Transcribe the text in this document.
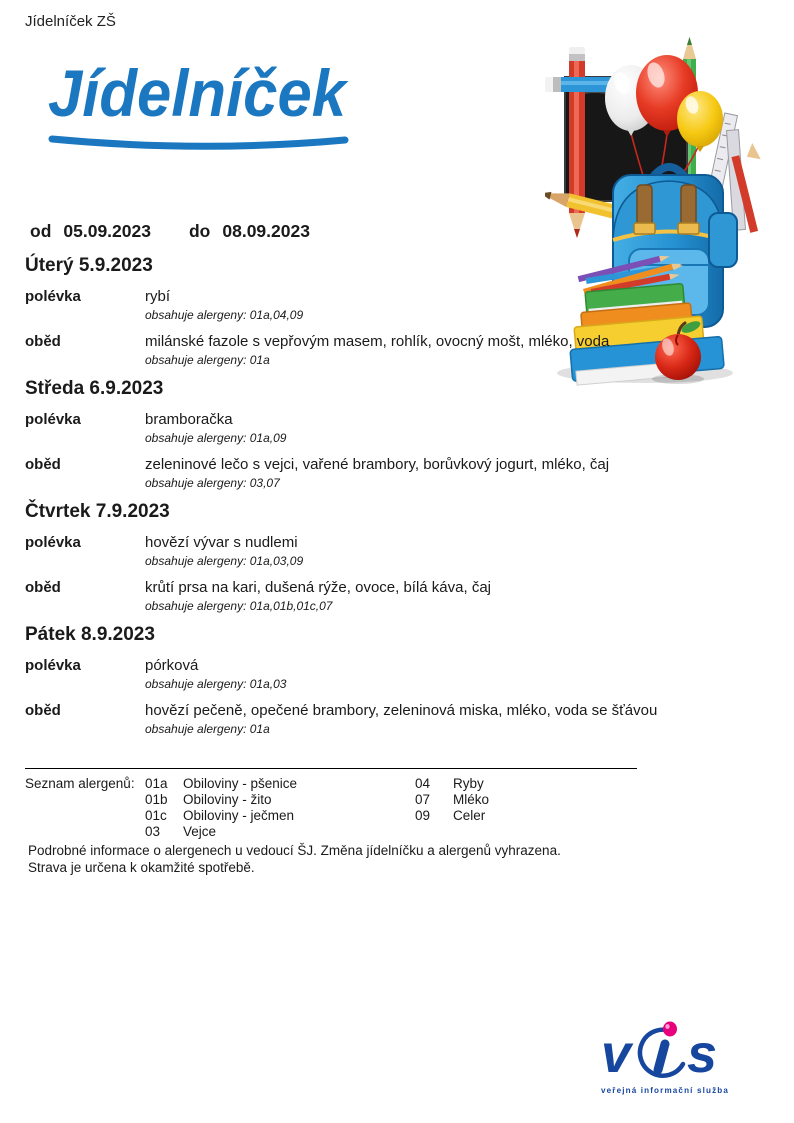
Jídelníček ZŠ
Jídelníček
od 05.09.2023 do 08.09.2023
Úterý 5.9.2023
polévka	rybí
obsahuje alergeny: 01a,04,09
oběd	milánské fazole s vepřovým masem, rohlík, ovocný mošt, mléko, voda
obsahuje alergeny: 01a
Středa 6.9.2023
polévka	bramboračka
obsahuje alergeny: 01a,09
oběd	zeleninové lečo s vejci, vařené brambory, borůvkový jogurt, mléko, čaj
obsahuje alergeny: 03,07
Čtvrtek 7.9.2023
polévka	hovězí vývar s nudlemi
obsahuje alergeny: 01a,03,09
oběd	krůtí prsa na kari, dušená rýže, ovoce, bílá káva, čaj
obsahuje alergeny: 01a,01b,01c,07
Pátek 8.9.2023
polévka	pórková
obsahuje alergeny: 01a,03
oběd	hovězí pečeně, opečené brambory, zeleninová miska, mléko, voda se šťávou
obsahuje alergeny: 01a
Seznam alergenů: 01a	Obiloviny - pšenice
01b	Obiloviny - žito
01c	Obiloviny - ječmen
03	Vejce
04	Ryby
07	Mléko
09	Celer
Podrobné informace o alergenech u vedoucí ŠJ. Změna jídelníčku a alergenů vyhrazena.
Strava je určena k okamžité spotřebě.
v s
veřejná informační služba
